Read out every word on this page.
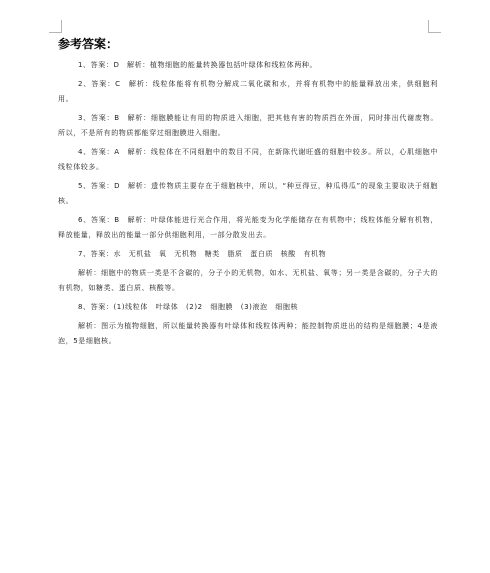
参考答案：

1、答案：D　解析：植物细胞的能量转换器包括叶绿体和线粒体两种。

2、答案：C　解析：线粒体能将有机物分解成二氧化碳和水，并将有机物中的能量释放出来，供细胞利用。

3、答案：B　解析：细胞膜能让有用的物质进入细胞，把其他有害的物质挡在外面，同时排出代谢废物。所以，不是所有的物质都能穿过细胞膜进入细胞。

4、答案：A　解析：线粒体在不同细胞中的数目不同，在新陈代谢旺盛的细胞中较多。所以，心肌细胞中线粒体较多。

5、答案：D　解析：遗传物质主要存在于细胞核中，所以，“种豆得豆，种瓜得瓜”的现象主要取决于细胞核。

6、答案：B　解析：叶绿体能进行光合作用，将光能变为化学能储存在有机物中；线粒体能分解有机物，释放能量，释放出的能量一部分供细胞利用，一部分散发出去。

7、答案：水　无机盐　氧　无机物　糖类　脂质　蛋白质　核酸　有机物

解析：细胞中的物质一类是不含碳的，分子小的无机物，如水、无机盐、氧等；另一类是含碳的，分子大的有机物，如糖类、蛋白质、核酸等。

8、答案：(1)线粒体　叶绿体　(2)2　细胞膜　(3)液泡　细胞核

解析：图示为植物细胞，所以能量转换器有叶绿体和线粒体两种；能控制物质进出的结构是细胞膜；4是液泡，5是细胞核。
